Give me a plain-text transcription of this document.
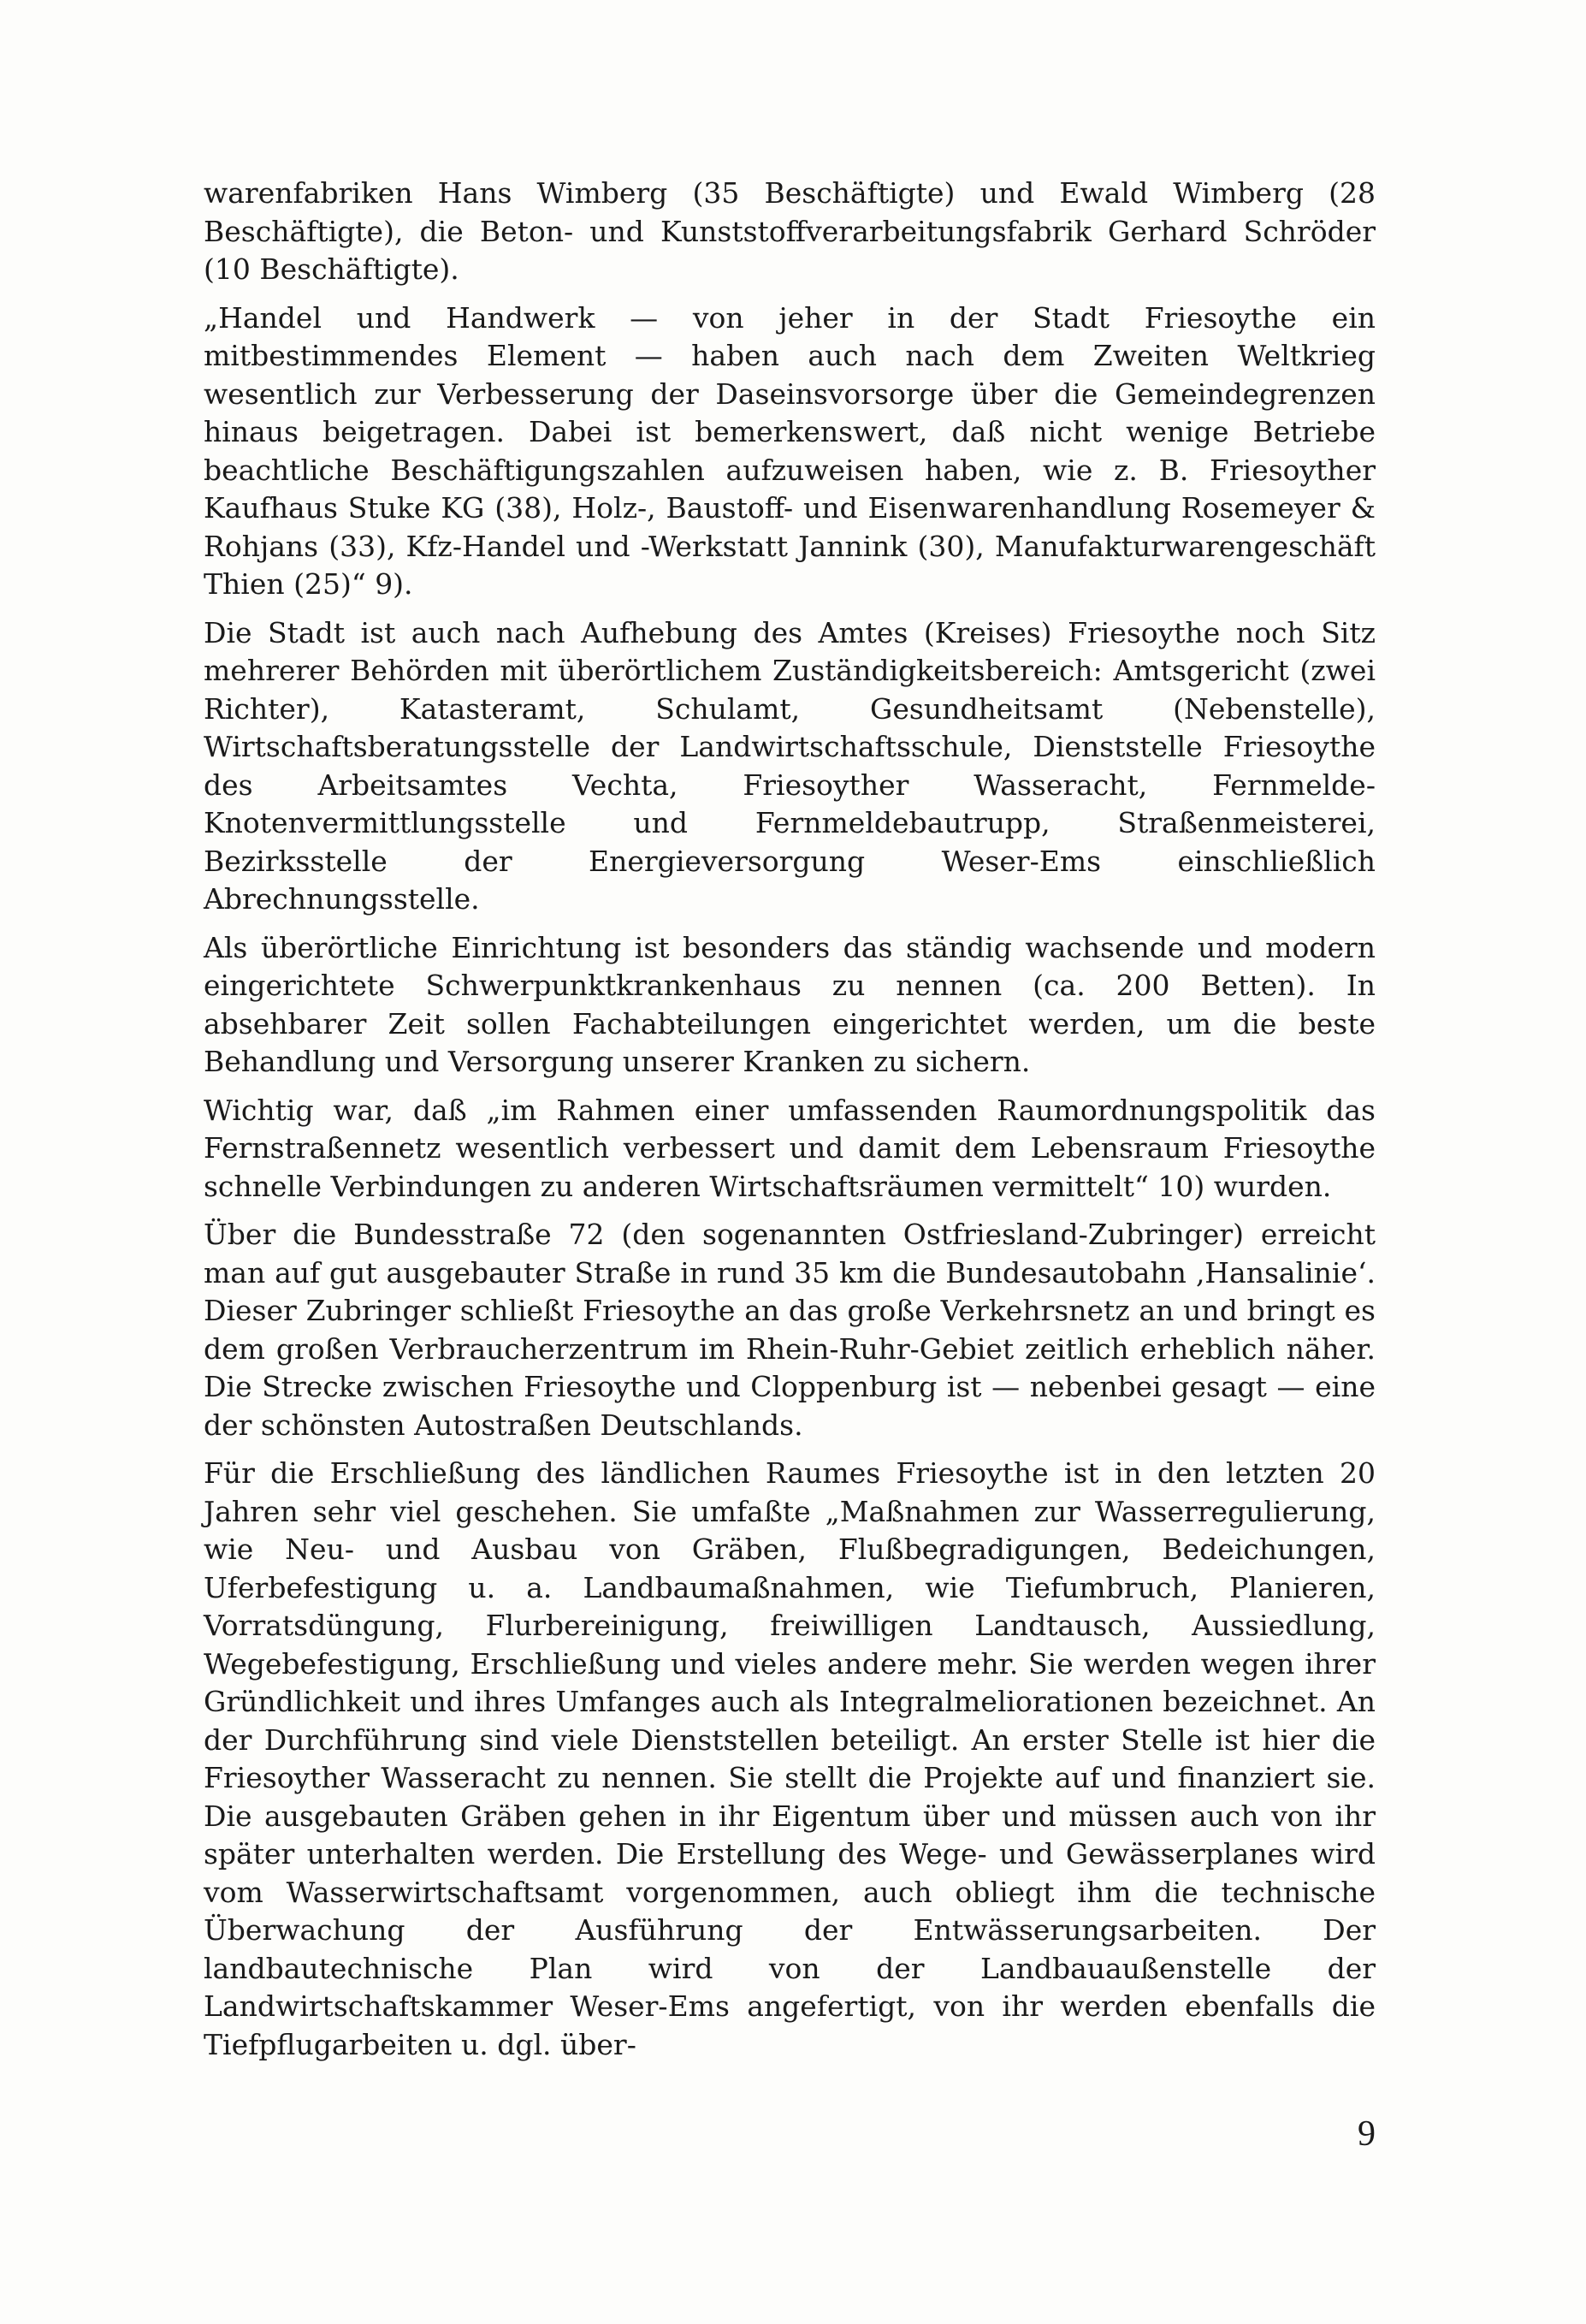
warenfabriken Hans Wimberg (35 Beschäftigte) und Ewald Wimberg (28 Beschäftigte), die Beton- und Kunststoffverarbeitungsfabrik Gerhard Schröder (10 Beschäftigte).

„Handel und Handwerk — von jeher in der Stadt Friesoythe ein mitbestimmendes Element — haben auch nach dem Zweiten Weltkrieg wesentlich zur Verbesserung der Daseinsvorsorge über die Gemeindegrenzen hinaus beigetragen. Dabei ist bemerkenswert, daß nicht wenige Betriebe beachtliche Beschäftigungszahlen aufzuweisen haben, wie z. B. Friesoyther Kaufhaus Stuke KG (38), Holz-, Baustoff- und Eisenwarenhandlung Rosemeyer & Rohjans (33), Kfz-Handel und -Werkstatt Jannink (30), Manufakturwarengeschäft Thien (25)“ 9).

Die Stadt ist auch nach Aufhebung des Amtes (Kreises) Friesoythe noch Sitz mehrerer Behörden mit überörtlichem Zuständigkeitsbereich: Amtsgericht (zwei Richter), Katasteramt, Schulamt, Gesundheitsamt (Nebenstelle), Wirtschaftsberatungsstelle der Landwirtschaftsschule, Dienststelle Friesoythe des Arbeitsamtes Vechta, Friesoyther Wasseracht, Fernmelde-Knotenvermittlungsstelle und Fernmeldebautrupp, Straßenmeisterei, Bezirksstelle der Energieversorgung Weser-Ems einschließlich Abrechnungsstelle.

Als überörtliche Einrichtung ist besonders das ständig wachsende und modern eingerichtete Schwerpunktkrankenhaus zu nennen (ca. 200 Betten). In absehbarer Zeit sollen Fachabteilungen eingerichtet werden, um die beste Behandlung und Versorgung unserer Kranken zu sichern.

Wichtig war, daß „im Rahmen einer umfassenden Raumordnungspolitik das Fernstraßennetz wesentlich verbessert und damit dem Lebensraum Friesoythe schnelle Verbindungen zu anderen Wirtschaftsräumen vermittelt“ 10) wurden.

Über die Bundesstraße 72 (den sogenannten Ostfriesland-Zubringer) erreicht man auf gut ausgebauter Straße in rund 35 km die Bundesautobahn ‚Hansalinie‘. Dieser Zubringer schließt Friesoythe an das große Verkehrsnetz an und bringt es dem großen Verbraucherzentrum im Rhein-Ruhr-Gebiet zeitlich erheblich näher. Die Strecke zwischen Friesoythe und Cloppenburg ist — nebenbei gesagt — eine der schönsten Autostraßen Deutschlands.

Für die Erschließung des ländlichen Raumes Friesoythe ist in den letzten 20 Jahren sehr viel geschehen. Sie umfaßte „Maßnahmen zur Wasserregulierung, wie Neu- und Ausbau von Gräben, Flußbegradigungen, Bedeichungen, Uferbefestigung u. a. Landbaumaßnahmen, wie Tiefumbruch, Planieren, Vorratsdüngung, Flurbereinigung, freiwilligen Landtausch, Aussiedlung, Wegebefestigung, Erschließung und vieles andere mehr. Sie werden wegen ihrer Gründlichkeit und ihres Umfanges auch als Integralmeliorationen bezeichnet. An der Durchführung sind viele Dienststellen beteiligt. An erster Stelle ist hier die Friesoyther Wasseracht zu nennen. Sie stellt die Projekte auf und finanziert sie. Die ausgebauten Gräben gehen in ihr Eigentum über und müssen auch von ihr später unterhalten werden. Die Erstellung des Wege- und Gewässerplanes wird vom Wasserwirtschaftsamt vorgenommen, auch obliegt ihm die technische Überwachung der Ausführung der Entwässerungsarbeiten. Der landbautechnische Plan wird von der Landbauaußenstelle der Landwirtschaftskammer Weser-Ems angefertigt, von ihr werden ebenfalls die Tiefpflugarbeiten u. dgl. über-

9
